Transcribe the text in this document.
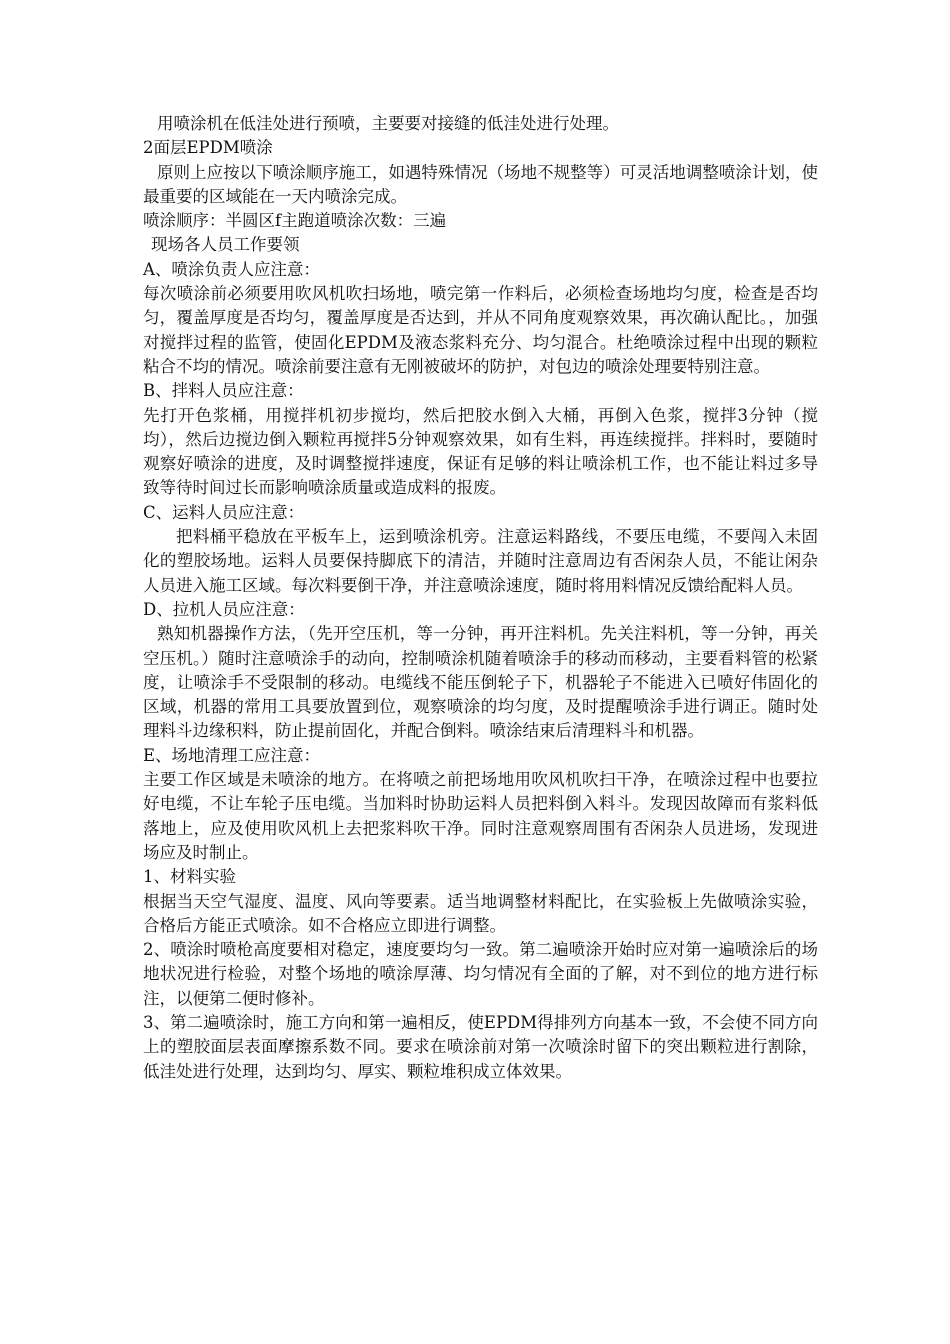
用喷涂机在低洼处进行预喷，主要要对接缝的低洼处进行处理。

2面层EPDM喷涂

原则上应按以下喷涂顺序施工，如遇特殊情况（场地不规整等）可灵活地调整喷涂计划，使最重要的区域能在一天内喷涂完成。

喷涂顺序：半圆区f主跑道喷涂次数：三遍

现场各人员工作要领

A、喷涂负责人应注意：

每次喷涂前必须要用吹风机吹扫场地，喷完第一作料后，必须检查场地均匀度，检查是否均匀，覆盖厚度是否均匀，覆盖厚度是否达到，并从不同角度观察效果，再次确认配比。，加强对搅拌过程的监管，使固化EPDM及液态浆料充分、均匀混合。杜绝喷涂过程中出现的颗粒粘合不均的情况。喷涂前要注意有无刚被破坏的防护，对包边的喷涂处理要特别注意。

B、拌料人员应注意：

先打开色浆桶，用搅拌机初步搅均，然后把胶水倒入大桶，再倒入色浆，搅拌3分钟（搅均），然后边搅边倒入颗粒再搅拌5分钟观察效果，如有生料，再连续搅拌。拌料时，要随时观察好喷涂的进度，及时调整搅拌速度，保证有足够的料让喷涂机工作，也不能让料过多导致等待时间过长而影响喷涂质量或造成料的报废。

C、运料人员应注意：

把料桶平稳放在平板车上，运到喷涂机旁。注意运料路线，不要压电缆，不要闯入未固化的塑胶场地。运料人员要保持脚底下的清洁，并随时注意周边有否闲杂人员，不能让闲杂人员进入施工区域。每次料要倒干净，并注意喷涂速度，随时将用料情况反馈给配料人员。

D、拉机人员应注意：

熟知机器操作方法，（先开空压机，等一分钟，再开注料机。先关注料机，等一分钟，再关空压机。）随时注意喷涂手的动向，控制喷涂机随着喷涂手的移动而移动，主要看料管的松紧度，让喷涂手不受限制的移动。电缆线不能压倒轮子下，机器轮子不能进入已喷好伟固化的区域，机器的常用工具要放置到位，观察喷涂的均匀度，及时提醒喷涂手进行调正。随时处理料斗边缘积料，防止提前固化，并配合倒料。喷涂结束后清理料斗和机器。

E、场地清理工应注意：

主要工作区域是未喷涂的地方。在将喷之前把场地用吹风机吹扫干净，在喷涂过程中也要拉好电缆，不让车轮子压电缆。当加料时协助运料人员把料倒入料斗。发现因故障而有浆料低落地上，应及使用吹风机上去把浆料吹干净。同时注意观察周围有否闲杂人员进场，发现进场应及时制止。

1、材料实验

根据当天空气湿度、温度、风向等要素。适当地调整材料配比，在实验板上先做喷涂实验，合格后方能正式喷涂。如不合格应立即进行调整。

2、喷涂时喷枪高度要相对稳定，速度要均匀一致。第二遍喷涂开始时应对第一遍喷涂后的场地状况进行检验，对整个场地的喷涂厚薄、均匀情况有全面的了解，对不到位的地方进行标注，以便第二便时修补。

3、第二遍喷涂时，施工方向和第一遍相反，使EPDM得排列方向基本一致，不会使不同方向上的塑胶面层表面摩擦系数不同。要求在喷涂前对第一次喷涂时留下的突出颗粒进行割除，低洼处进行处理，达到均匀、厚实、颗粒堆积成立体效果。
